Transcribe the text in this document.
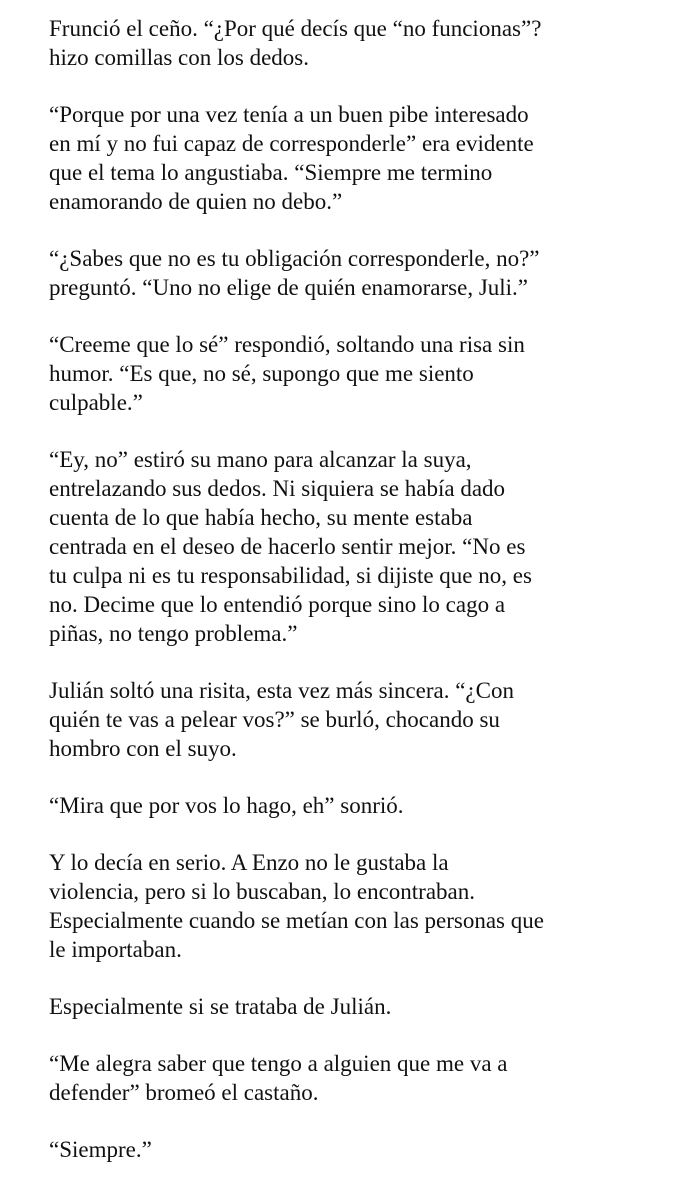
Frunció el ceño. “¿Por qué decís que “no funcionas”?
hizo comillas con los dedos.

“Porque por una vez tenía a un buen pibe interesado
en mí y no fui capaz de corresponderle” era evidente
que el tema lo angustiaba. “Siempre me termino
enamorando de quien no debo.”

“¿Sabes que no es tu obligación corresponderle, no?”
preguntó. “Uno no elige de quién enamorarse, Juli.”

“Creeme que lo sé” respondió, soltando una risa sin
humor. “Es que, no sé, supongo que me siento
culpable.”

“Ey, no” estiró su mano para alcanzar la suya,
entrelazando sus dedos. Ni siquiera se había dado
cuenta de lo que había hecho, su mente estaba
centrada en el deseo de hacerlo sentir mejor. “No es
tu culpa ni es tu responsabilidad, si dijiste que no, es
no. Decime que lo entendió porque sino lo cago a
piñas, no tengo problema.”

Julián soltó una risita, esta vez más sincera. “¿Con
quién te vas a pelear vos?” se burló, chocando su
hombro con el suyo.

“Mira que por vos lo hago, eh” sonrió.

Y lo decía en serio. A Enzo no le gustaba la
violencia, pero si lo buscaban, lo encontraban.
Especialmente cuando se metían con las personas que
le importaban.

Especialmente si se trataba de Julián.

“Me alegra saber que tengo a alguien que me va a
defender” bromeó el castaño.

“Siempre.”
